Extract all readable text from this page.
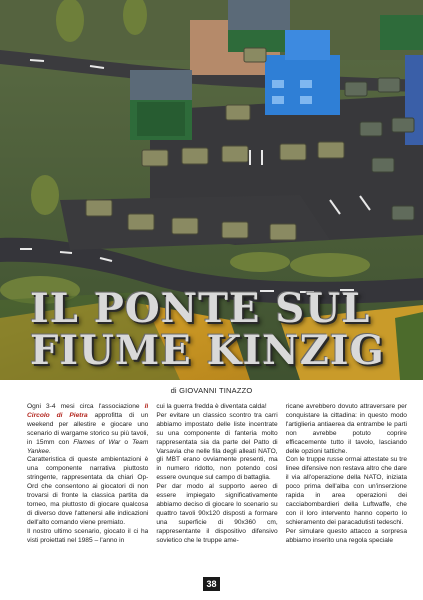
IL PONTE SUL
FIUME KINZIG
di GIOVANNI TINAZZO

Ogni 3-4 mesi circa l'associazione Il Circolo di Pietra approfitta di un weekend per allestire e giocare uno scenario di wargame storico su più tavoli, in 15mm con Flames of War o Team Yankee.

Caratteristica di queste ambientazioni è una componente narrativa piuttosto stringente, rappresentata da chiari Op-Ord che consentono ai giocatori di non trovarsi di fronte la classica partita da torneo, ma piuttosto di giocare qualcosa di diverso dove l'attenersi alle indicazioni dell'alto comando viene premiato.

Il nostro ultimo scenario, giocato il ci ha visti proiettati nel 1985 – l'anno in

cui la guerra fredda è diventata calda!

Per evitare un classico scontro tra carri abbiamo impostato delle liste incentrate su una componente di fanteria molto rappresentata sia da parte del Patto di Varsavia che nelle fila degli alleati NATO, gli MBT erano ovviamente presenti, ma in numero ridotto, non potendo così essere ovunque sul campo di battaglia.

Per dar modo al supporto aereo di essere impiegato significativamente abbiamo deciso di giocare lo scenario su quattro tavoli 90x120 disposti a formare una superficie di 90x360 cm, rappresentante il dispositivo difensivo sovietico che le truppe ame-

ricane avrebbero dovuto attraversare per conquistare la cittadina: in questo modo l'artiglieria antiaerea da entrambe le parti non avrebbe potuto coprire efficacemente tutto il tavolo, lasciando delle opzioni tattiche.

Con le truppe russe ormai attestate su tre linee difensive non restava altro che dare il via all'operazione della NATO, iniziata poco prima dell'alba con un'inserzione rapida in area operazioni dei cacciabombardieri della Luftwaffe, che con il loro intervento hanno coperto lo schieramento dei paracadutisti tedeschi.

Per simulare questo attacco a sorpresa abbiamo inserito una regola speciale

38
